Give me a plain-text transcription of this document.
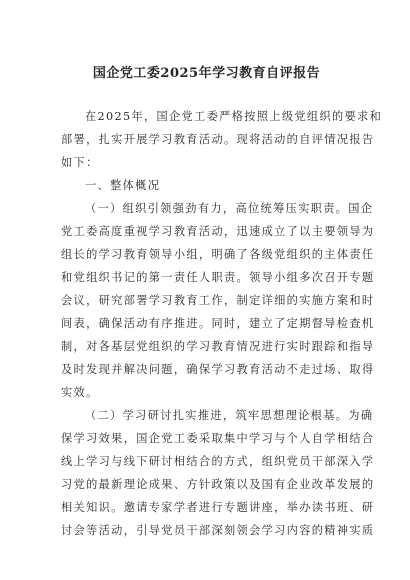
国企党工委2025年学习教育自评报告
在2025年，国企党工委严格按照上级党组织的要求和
部署，扎实开展学习教育活动。现将活动的自评情况报告
如下：
一、整体概况
（一）组织引领强劲有力，高位统筹压实职责。国企
党工委高度重视学习教育活动，迅速成立了以主要领导为
组长的学习教育领导小组，明确了各级党组织的主体责任
和党组织书记的第一责任人职责。领导小组多次召开专题
会议，研究部署学习教育工作，制定详细的实施方案和时
间表，确保活动有序推进。同时，建立了定期督导检查机
制，对各基层党组织的学习教育情况进行实时跟踪和指导
及时发现并解决问题，确保学习教育活动不走过场、取得
实效。
（二）学习研讨扎实推进，筑牢思想理论根基。为确
保学习效果，国企党工委采取集中学习与个人自学相结合
线上学习与线下研讨相结合的方式，组织党员干部深入学
习党的最新理论成果、方针政策以及国有企业改革发展的
相关知识。邀请专家学者进行专题讲座，举办读书班、研
讨会等活动，引导党员干部深刻领会学习内容的精神实质
